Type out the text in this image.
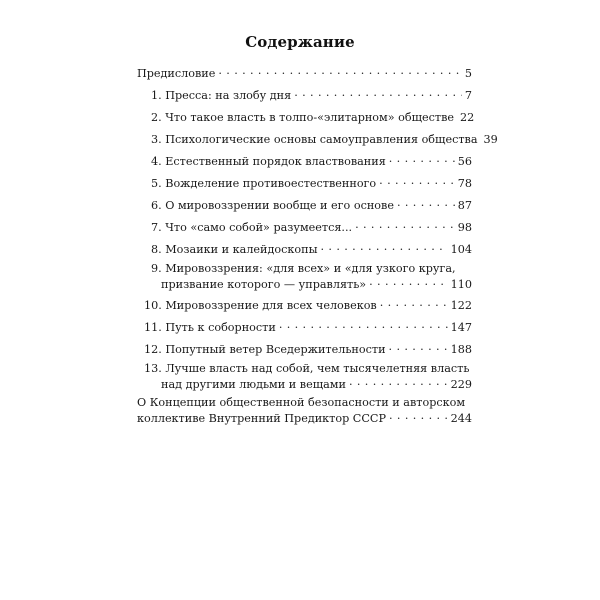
Содержание
Предисловие . . .	5
1. Пресса: на злобу дня . . .	7
2. Что такое власть в толпо-«элитарном» обществе 22
3. Психологические основы самоуправления общества 39
4. Естественный порядок властвования . . .	56
5. Вожделение противоестественного . . .	78
6. О мировоззрении вообще и его основе . . .	87
7. Что «само собой» разумеется... . . .	98
8. Мозаики и калейдоскопы . . .	104
9. Мировоззрения: «для всех» и «для узкого круга,
призвание которого — управлять» . . .	110
10. Мировоззрение для всех человеков . . .	122
11. Путь к соборности . . .	147
12. Попутный ветер Вседержительности . . .	188
13. Лучше власть над собой, чем тысячелетняя власть
над другими людьми и вещами . . .	229
О Концепции общественной безопасности и авторском
коллективе Внутренний Предиктор СССР . . .	244
